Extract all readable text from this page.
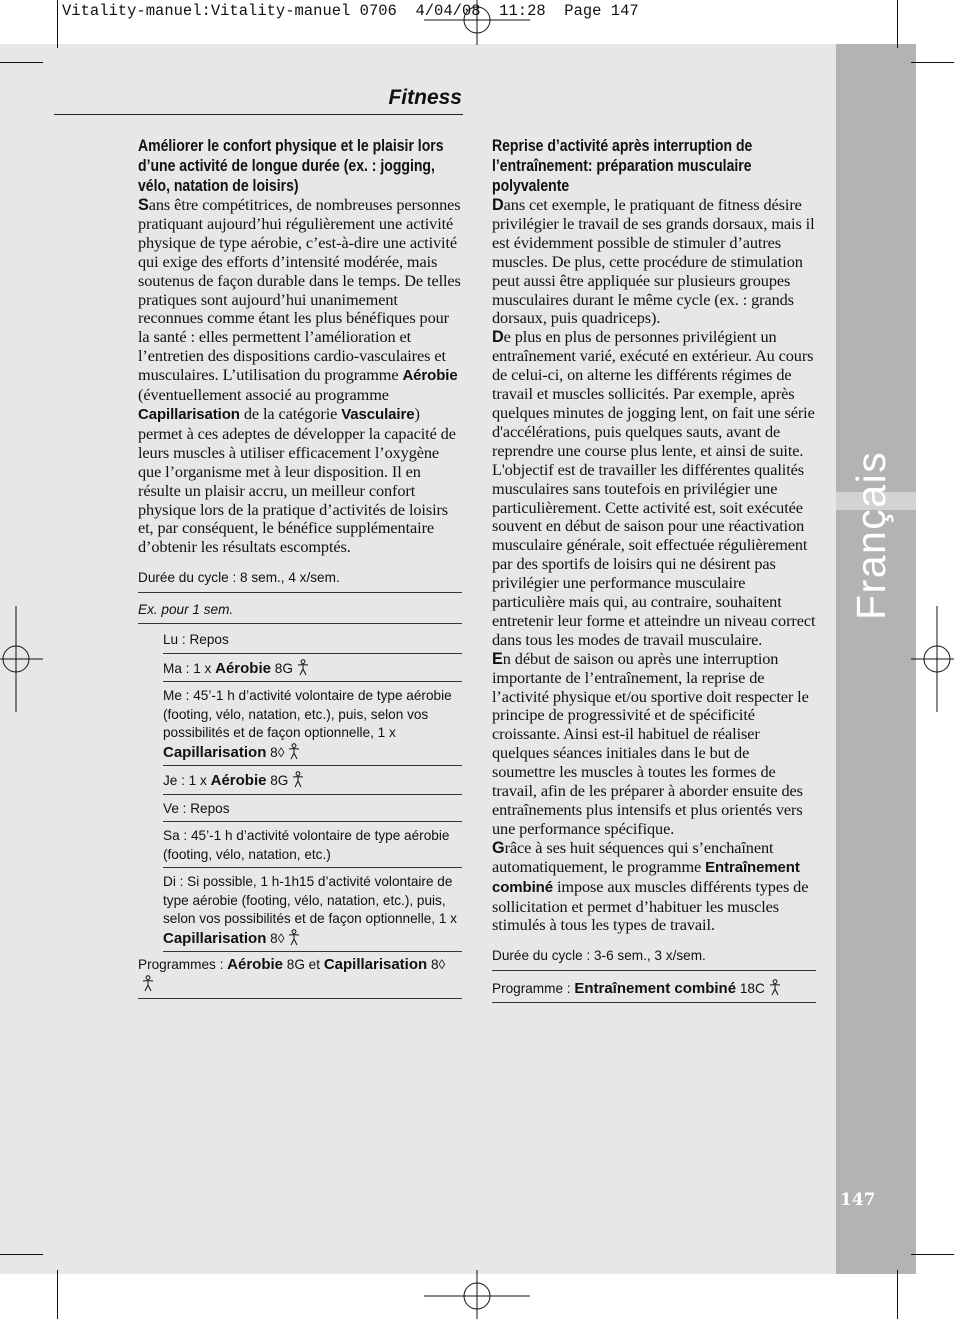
Français
147
Vitality-manuel:Vitality-manuel 0706  4/04/08  11:28  Page 147
Fitness
Améliorer le confort physique et le plaisir lors d’une activité de longue durée (ex. : jogging, vélo, natation de loisirs)

Sans être compétitrices, de nombreuses personnes pratiquant aujourd’hui régulièrement une activité physique de type aérobie, c’est-à-dire une activité qui exige des efforts d’intensité modérée, mais soutenus de façon durable dans le temps. De telles pratiques sont aujourd’hui unanimement reconnues comme étant les plus bénéfiques pour la santé : elles permettent l’amélioration et l’entretien des dispositions cardio-vasculaires et musculaires. L’utilisation du programme Aérobie (éventuellement associé au programme Capillarisation de la catégorie Vasculaire) permet à ces adeptes de développer la capacité de leurs muscles à utiliser efficacement l’oxygène que l’organisme met à leur disposition. Il en résulte un plaisir accru, un meilleur confort physique lors de la pratique d’activités de loisirs et, par conséquent, le bénéfice supplémentaire d’obtenir les résultats escomptés.

Durée du cycle : 8 sem., 4 x/sem.
Ex. pour 1 sem.
Lu : Repos
Ma : 1 x Aérobie 8G
Me : 45’-1 h d’activité volontaire de type aérobie (footing, vélo, natation, etc.), puis, selon vos possibilités et de façon optionnelle, 1 x Capillarisation 8◊
Je : 1 x Aérobie 8G
Ve : Repos
Sa : 45’-1 h d’activité volontaire de type aérobie (footing, vélo, natation, etc.)
Di : Si possible, 1 h-1h15 d’activité volontaire de type aérobie (footing, vélo, natation, etc.), puis, selon vos possibilités et de façon optionnelle, 1 x Capillarisation 8◊
Programmes : Aérobie 8G et Capillarisation 8◊
Reprise d’activité après interruption de l’entraînement: préparation musculaire polyvalente

Dans cet exemple, le pratiquant de fitness désire privilégier le travail de ses grands dorsaux, mais il est évidemment possible de stimuler d’autres muscles. De plus, cette procédure de stimulation peut aussi être appliquée sur plusieurs groupes musculaires durant le même cycle (ex. : grands dorsaux, puis quadriceps).

De plus en plus de personnes privilégient un entraînement varié, exécuté en extérieur. Au cours de celui-ci, on alterne les différents régimes de travail et muscles sollicités. Par exemple, après quelques minutes de jogging lent, on fait une série d'accélérations, puis quelques sauts, avant de reprendre une course plus lente, et ainsi de suite. L'objectif est de travailler les différentes qualités musculaires sans toutefois en privilégier une particulièrement. Cette activité est, soit exécutée souvent en début de saison pour une réactivation musculaire générale, soit effectuée régulièrement par des sportifs de loisirs qui ne désirent pas privilégier une performance musculaire particulière mais qui, au contraire, souhaitent entretenir leur forme et atteindre un niveau correct dans tous les modes de travail musculaire.

En début de saison ou après une interruption importante de l’entraînement, la reprise de l’activité physique et/ou sportive doit respecter le principe de progressivité et de spécificité croissante. Ainsi est-il habituel de réaliser quelques séances initiales dans le but de soumettre les muscles à toutes les formes de travail, afin de les préparer à aborder ensuite des entraînements plus intensifs et plus orientés vers une performance spécifique.

Grâce à ses huit séquences qui s’enchaînent automatiquement, le programme Entraînement combiné impose aux muscles différents types de sollicitation et permet d’habituer les muscles stimulés à tous les types de travail.

Durée du cycle : 3-6 sem., 3 x/sem.
Programme : Entraînement combiné 18C
